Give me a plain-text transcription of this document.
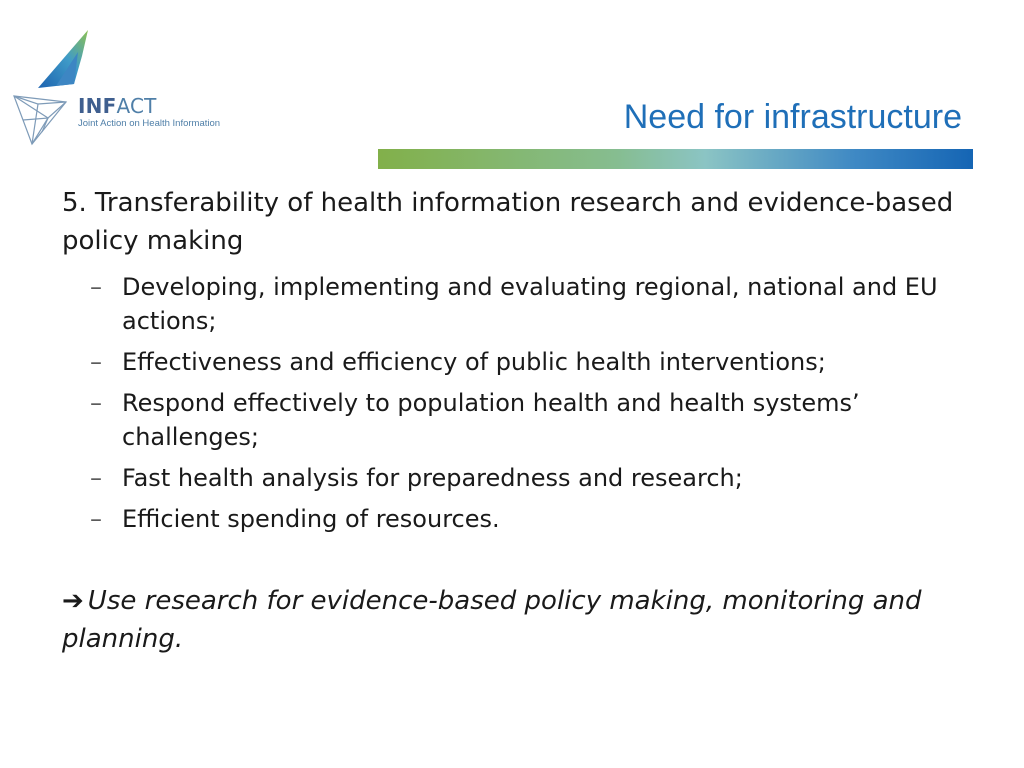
INFACT
Joint Action on Health Information	Need for infrastructure

5. Transferability of health information research and evidence-based policy making

– Developing, implementing and evaluating regional, national and EU actions;
– Effectiveness and efficiency of public health interventions;
– Respond effectively to population health and health systems’ challenges;
– Fast health analysis for preparedness and research;
– Efficient spending of resources.

➔ Use research for evidence-based policy making, monitoring and planning.
